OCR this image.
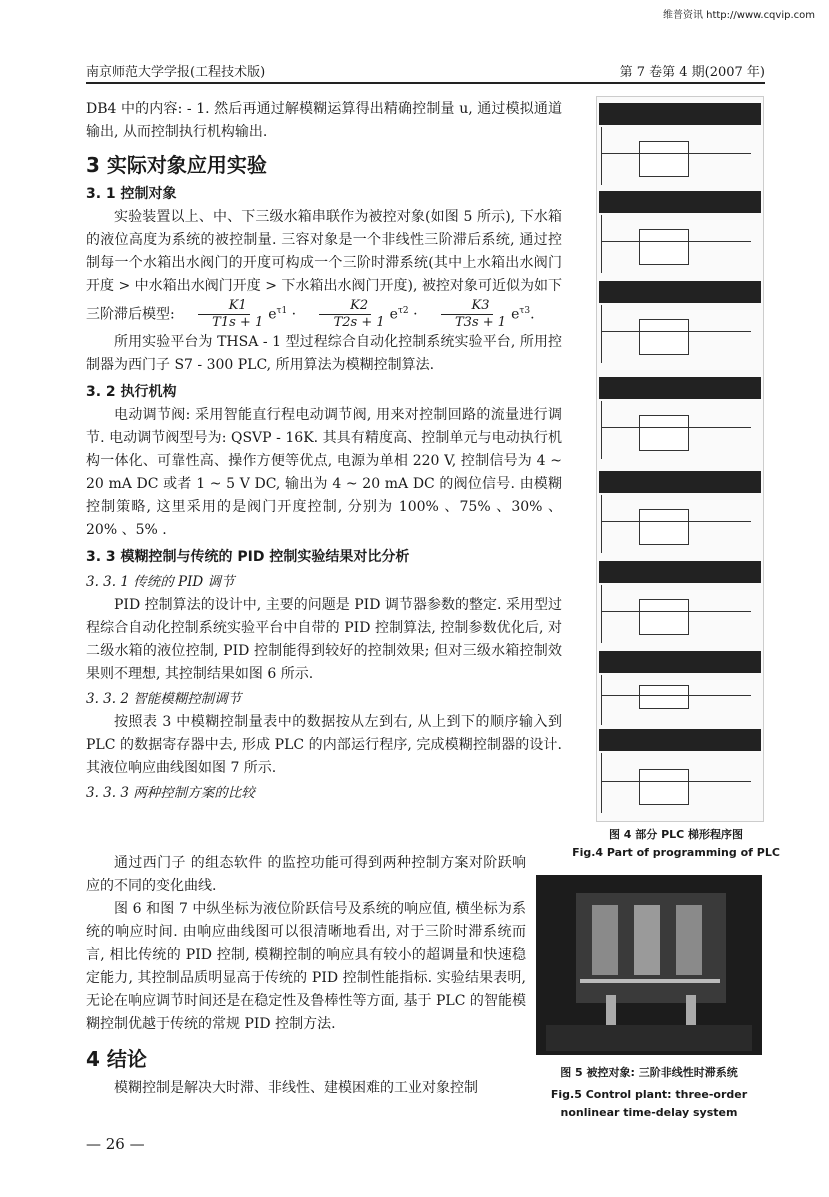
维普资讯 http://www.cqvip.com
南京师范大学学报(工程技术版)	第 7 卷第 4 期(2007 年)

DB4 中的内容: - 1. 然后再通过解模糊运算得出精确控制量 u, 通过模拟通道输出, 从而控制执行机构输出.

3 实际对象应用实验
3. 1 控制对象

实验装置以上、中、下三级水箱串联作为被控对象(如图 5 所示), 下水箱的液位高度为系统的被控制量. 三容对象是一个非线性三阶滞后系统, 通过控制每一个水箱出水阀门的开度可构成一个三阶时滞系统(其中上水箱出水阀门开度 > 中水箱出水阀门开度 > 下水箱出水阀门开度), 被控对象可近似为如下三阶滞后模型: $\frac{K1}{T1s + 1} e^{\tau 1} \cdot \frac{K2}{T2s + 1} e^{\tau 2} \cdot \frac{K3}{T3s + 1} e^{\tau 3}$.

所用实验平台为 THSA - 1 型过程综合自动化控制系统实验平台, 所用控制器为西门子 S7 - 300 PLC, 所用算法为模糊控制算法.

3. 2 执行机构

电动调节阀: 采用智能直行程电动调节阀, 用来对控制回路的流量进行调节. 电动调节阀型号为: QSVP - 16K. 其具有精度高、控制单元与电动执行机构一体化、可靠性高、操作方便等优点, 电源为单相 220 V, 控制信号为 4 ~ 20 mA DC 或者 1 ~ 5 V DC, 输出为 4 ~ 20 mA DC 的阀位信号. 由模糊控制策略, 这里采用的是阀门开度控制, 分别为 100% 、75% 、30% 、20% 、5% .

3. 3 模糊控制与传统的 PID 控制实验结果对比分析
3. 3. 1 传统的 PID 调节

PID 控制算法的设计中, 主要的问题是 PID 调节器参数的整定. 采用型过程综合自动化控制系统实验平台中自带的 PID 控制算法, 控制参数优化后, 对二级水箱的液位控制, PID 控制能得到较好的控制效果; 但对三级水箱控制效果则不理想, 其控制结果如图 6 所示.

3. 3. 2 智能模糊控制调节

按照表 3 中模糊控制量表中的数据按从左到右, 从上到下的顺序输入到 PLC 的数据寄存器中去, 形成 PLC 的内部运行程序, 完成模糊控制器的设计. 其液位响应曲线图如图 7 所示.

3. 3. 3 两种控制方案的比较

通过西门子 的组态软件 的监控功能可得到两种控制方案对阶跃响应的不同的变化曲线.

图 6 和图 7 中纵坐标为液位阶跃信号及系统的响应值, 横坐标为系统的响应时间. 由响应曲线图可以很清晰地看出, 对于三阶时滞系统而言, 相比传统的 PID 控制, 模糊控制的响应具有较小的超调量和快速稳定能力, 其控制品质明显高于传统的 PID 控制性能指标. 实验结果表明, 无论在响应调节时间还是在稳定性及鲁棒性等方面, 基于 PLC 的智能模糊控制优越于传统的常规 PID 控制方法.

4 结论

模糊控制是解决大时滞、非线性、建模困难的工业对象控制

图 4 部分 PLC 梯形程序图
Fig.4 Part of programming of PLC
图 5 被控对象: 三阶非线性时滞系统
Fig.5 Control plant: three-order nonlinear time-delay system
— 26 —
